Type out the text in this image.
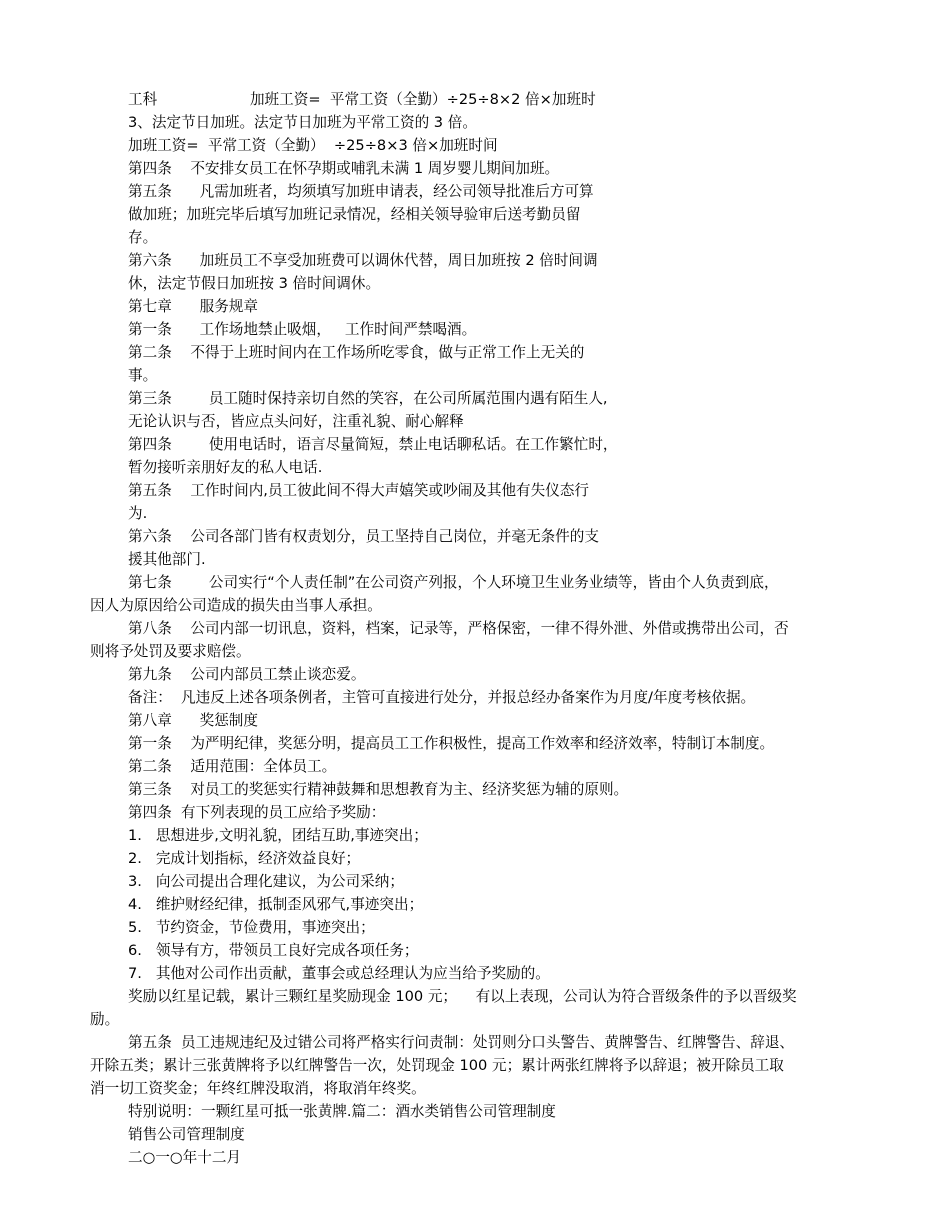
工科                    加班工资=  平常工资（全勤）÷25÷8×2 倍×加班时
3、法定节日加班。法定节日加班为平常工资的 3 倍。
加班工资=  平常工资（全勤）  ÷25÷8×3 倍×加班时间
第四条    不安排女员工在怀孕期或哺乳未满 1 周岁婴儿期间加班。
第五条      凡需加班者，均须填写加班申请表，经公司领导批准后方可算
做加班；加班完毕后填写加班记录情况，经相关领导验审后送考勤员留
存。
第六条      加班员工不享受加班费可以调休代替，周日加班按 2 倍时间调
休，法定节假日加班按 3 倍时间调休。
第七章      服务规章
第一条      工作场地禁止吸烟，   工作时间严禁喝酒。
第二条    不得于上班时间内在工作场所吃零食，做与正常工作上无关的
事。
第三条        员工随时保持亲切自然的笑容，在公司所属范围内遇有陌生人,
无论认识与否，皆应点头问好，注重礼貌、耐心解释
第四条        使用电话时，语言尽量简短，禁止电话聊私话。在工作繁忙时，
暂勿接听亲朋好友的私人电话.
第五条    工作时间内,员工彼此间不得大声嬉笑或吵闹及其他有失仪态行
为.
第六条    公司各部门皆有权责划分，员工坚持自己岗位，并毫无条件的支
援其他部门.
第七条        公司实行“个人责任制”在公司资产列报，个人环境卫生业务业绩等，皆由个人负责到底，
因人为原因给公司造成的损失由当事人承担。
第八条    公司内部一切讯息，资料，档案，记录等，严格保密，一律不得外泄、外借或携带出公司，否
则将予处罚及要求赔偿。
第九条    公司内部员工禁止谈恋爱。
备注：  凡违反上述各项条例者，主管可直接进行处分，并报总经办备案作为月度/年度考核依据。
第八章      奖惩制度
第一条    为严明纪律，奖惩分明，提高员工工作积极性，提高工作效率和经济效率，特制订本制度。
第二条    适用范围：全体员工。
第三条    对员工的奖惩实行精神鼓舞和思想教育为主、经济奖惩为辅的原则。
第四条  有下列表现的员工应给予奖励：
1.   思想进步,文明礼貌，团结互助,事迹突出；
2.   完成计划指标，经济效益良好；
3.   向公司提出合理化建议，为公司采纳；
4.   维护财经纪律，抵制歪风邪气,事迹突出；
5.   节约资金，节俭费用，事迹突出；
6.   领导有方，带领员工良好完成各项任务；
7.   其他对公司作出贡献，董事会或总经理认为应当给予奖励的。
奖励以红星记载，累计三颗红星奖励现金 100 元；    有以上表现，公司认为符合晋级条件的予以晋级奖
励。
第五条  员工违规违纪及过错公司将严格实行问责制：处罚则分口头警告、黄牌警告、红牌警告、辞退、
开除五类；累计三张黄牌将予以红牌警告一次，处罚现金 100 元；累计两张红牌将予以辞退；被开除员工取
消一切工资奖金；年终红牌没取消，将取消年终奖。
特别说明：一颗红星可抵一张黄牌.篇二：酒水类销售公司管理制度
销售公司管理制度
二○一○年十二月
